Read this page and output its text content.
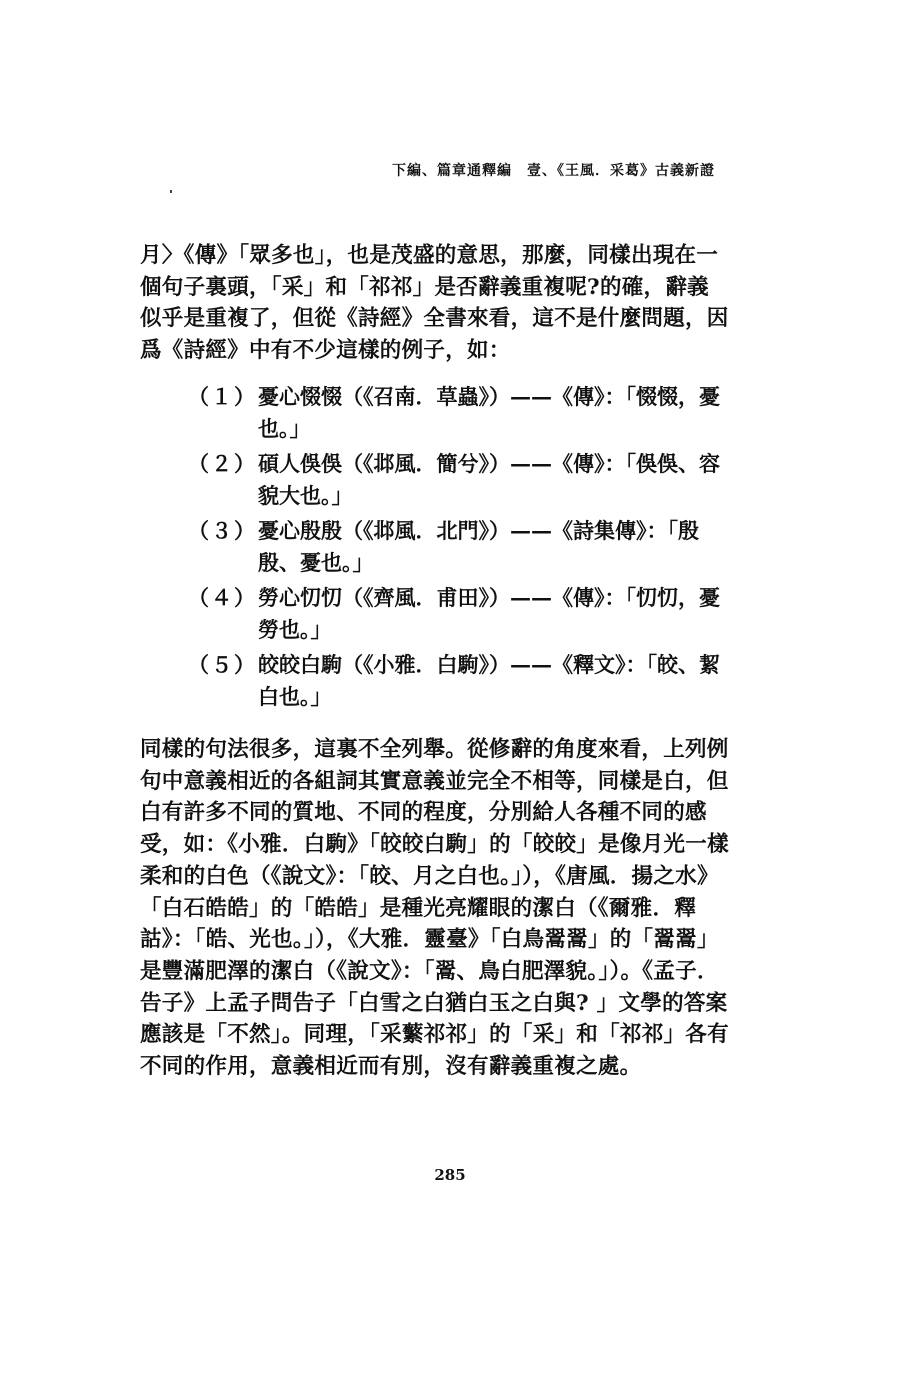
下編、篇章通釋編　壹、《王風．采葛》古義新證

月〉《傳》「眾多也」，也是茂盛的意思，那麼，同樣出現在一個句子裏頭，「采」和「祁祁」是否辭義重複呢?的確，辭義似乎是重複了，但從《詩經》全書來看，這不是什麼問題，因爲《詩經》中有不少這樣的例子，如：

（１） 憂心惙惙（《召南．草蟲》）——《傳》：「惙惙，憂也。」

（２） 碩人俁俁（《邶風．簡兮》）——《傳》：「俁俁、容貌大也。」

（３） 憂心殷殷（《邶風．北門》）——《詩集傳》：「殷殷、憂也。」

（４） 勞心忉忉（《齊風．甫田》）——《傳》：「忉忉，憂勞也。」

（５） 皎皎白駒（《小雅．白駒》）——《釋文》：「皎、絜白也。」

同樣的句法很多，這裏不全列舉。從修辭的角度來看，上列例句中意義相近的各組詞其實意義並完全不相等，同樣是白，但白有許多不同的質地、不同的程度，分別給人各種不同的感受，如：《小雅．白駒》「皎皎白駒」的「皎皎」是像月光一樣柔和的白色（《說文》：「皎、月之白也。」），《唐風．揚之水》「白石皓皓」的「皓皓」是種光亮耀眼的潔白（《爾雅．釋詁》：「皓、光也。」），《大雅．靈臺》「白鳥翯翯」的「翯翯」是豐滿肥澤的潔白（《說文》：「翯、鳥白肥澤貌。」）。《孟子．告子》上孟子問告子「白雪之白猶白玉之白與? 」文學的答案應該是「不然」。同理，「采蘩祁祁」的「采」和「祁祁」各有不同的作用，意義相近而有別，沒有辭義重複之處。

285
